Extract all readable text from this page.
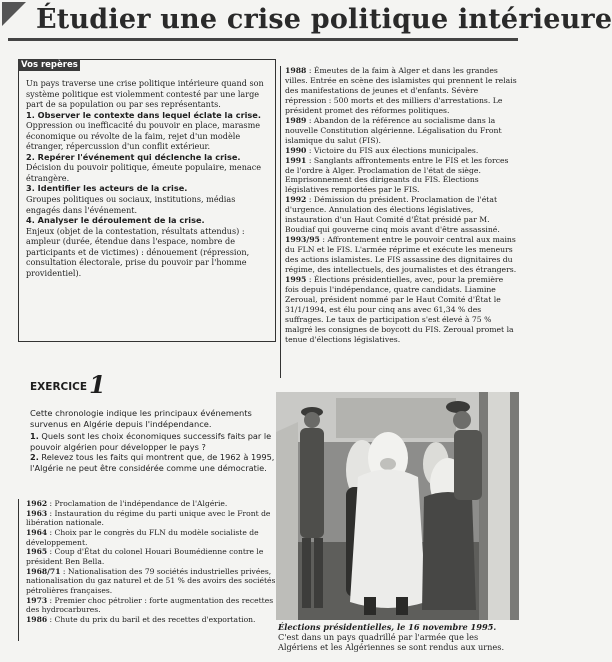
Étudier une crise politique intérieure
Vos repères

Un pays traverse une crise politique intérieure quand son système politique est violemment contesté par une large part de sa population ou par ses représentants.

1. Observer le contexte dans lequel éclate la crise.

Oppression ou inefficacité du pouvoir en place, marasme économique ou révolte de la faim, rejet d'un modèle étranger, répercussion d'un conflit extérieur.

2. Repérer l'événement qui déclenche la crise.

Décision du pouvoir politique, émeute populaire, menace étrangère.

3. Identifier les acteurs de la crise.

Groupes politiques ou sociaux, institutions, médias engagés dans l'événement.

4. Analyser le déroulement de la crise.

Enjeux (objet de la contestation, résultats attendus) : ampleur (durée, étendue dans l'espace, nombre de participants et de victimes) : dénouement (répression, consultation électorale, prise du pouvoir par l'homme providentiel).

1988 : Émeutes de la faim à Alger et dans les grandes villes. Entrée en scène des islamistes qui prennent le relais des manifestations de jeunes et d'enfants. Sévère répression : 500 morts et des milliers d'arrestations. Le président promet des réformes politiques.

1989 : Abandon de la référence au socialisme dans la nouvelle Constitution algérienne. Légalisation du Front islamique du salut (FIS).

1990 : Victoire du FIS aux élections municipales.

1991 : Sanglants affrontements entre le FIS et les forces de l'ordre à Alger. Proclamation de l'état de siège. Emprisonnement des dirigeants du FIS. Élections législatives remportées par le FIS.

1992 : Démission du président. Proclamation de l'état d'urgence. Annulation des élections législatives, instauration d'un Haut Comité d'État présidé par M. Boudiaf qui gouverne cinq mois avant d'être assassiné.

1993/95 : Affrontement entre le pouvoir central aux mains du FLN et le FIS. L'armée réprime et exécute les meneurs des actions islamistes. Le FIS assassine des dignitaires du régime, des intellectuels, des journalistes et des étrangers.

1995 : Élections présidentielles, avec, pour la première fois depuis l'indépendance, quatre candidats. Liamine Zeroual, président nommé par le Haut Comité d'État le 31/1/1994, est élu pour cinq ans avec 61,34 % des suffrages. Le taux de participation s'est élevé à 75 % malgré les consignes de boycott du FIS. Zeroual promet la tenue d'élections législatives.

EXERCICE 1
Cette chronologie indique les principaux événements survenus en Algérie depuis l'indépendance.

1. Quels sont les choix économiques successifs faits par le pouvoir algérien pour développer le pays ?

2. Relevez tous les faits qui montrent que, de 1962 à 1995, l'Algérie ne peut être considérée comme une démocratie.

1962 : Proclamation de l'indépendance de l'Algérie.

1963 : Instauration du régime du parti unique avec le Front de libération nationale.

1964 : Choix par le congrès du FLN du modèle socialiste de développement.

1965 : Coup d'État du colonel Houari Boumédienne contre le président Ben Bella.

1968/71 : Nationalisation des 79 sociétés industrielles privées, nationalisation du gaz naturel et de 51 % des avoirs des sociétés pétrolières françaises.

1973 : Premier choc pétrolier : forte augmentation des recettes des hydrocarbures.

1986 : Chute du prix du baril et des recettes d'exportation.

Élections présidentielles, le 16 novembre 1995.
C'est dans un pays quadrillé par l'armée que les Algériens et les Algériennes se sont rendus aux urnes.
